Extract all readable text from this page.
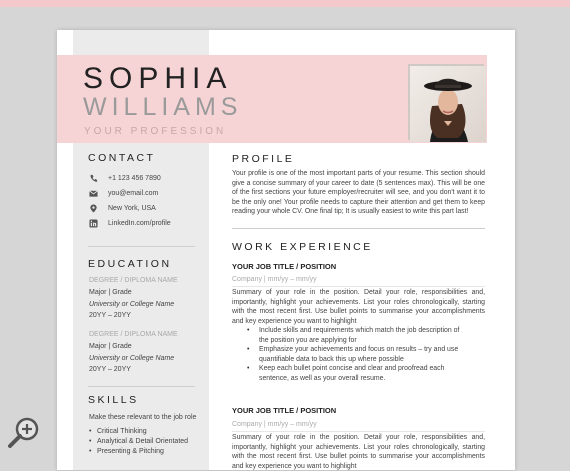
SOPHIA
WILLIAMS
YOUR PROFESSION
CONTACT
+1 123 456 7890
you@email.com
New York, USA
LinkedIn.com/profile
EDUCATION
DEGREE / DIPLOMA NAME
Major | Grade
University or College Name
20YY – 20YY
DEGREE / DIPLOMA NAME
Major | Grade
University or College Name
20YY – 20YY
SKILLS
Make these relevant to the job role
• Critical Thinking
• Analytical & Detail Orientated
• Presenting & Pitching
PROFILE
Your profile is one of the most important parts of your resume. This section should give a concise summary of your career to date (5 sentences max). This will be one of the first sections your future employer/recruiter will see, and you don't want it to be the only one! Your profile needs to capture their attention and get them to keep reading your whole CV. One final tip; It is usually easiest to write this part last!
WORK EXPERIENCE
YOUR JOB TITLE / POSITION
Company | mm/yy – mm/yy
Summary of your role in the position. Detail your role, responsibilities and, importantly, highlight your achievements. List your roles chronologically, starting with the most recent first. Use bullet points to summarise your accomplishments and key experience you want to highlight
• Include skills and requirements which match the job description of the position you are applying for
• Emphasize your achievements and focus on results – try and use quantifiable data to back this up where possible
• Keep each bullet point concise and clear and proofread each sentence, as well as your overall resume.
YOUR JOB TITLE / POSITION
Company | mm/yy – mm/yy
Summary of your role in the position. Detail your role, responsibilities and, importantly, highlight your achievements. List your roles chronologically, starting with the most recent first. Use bullet points to summarise your accomplishments and key experience you want to highlight
